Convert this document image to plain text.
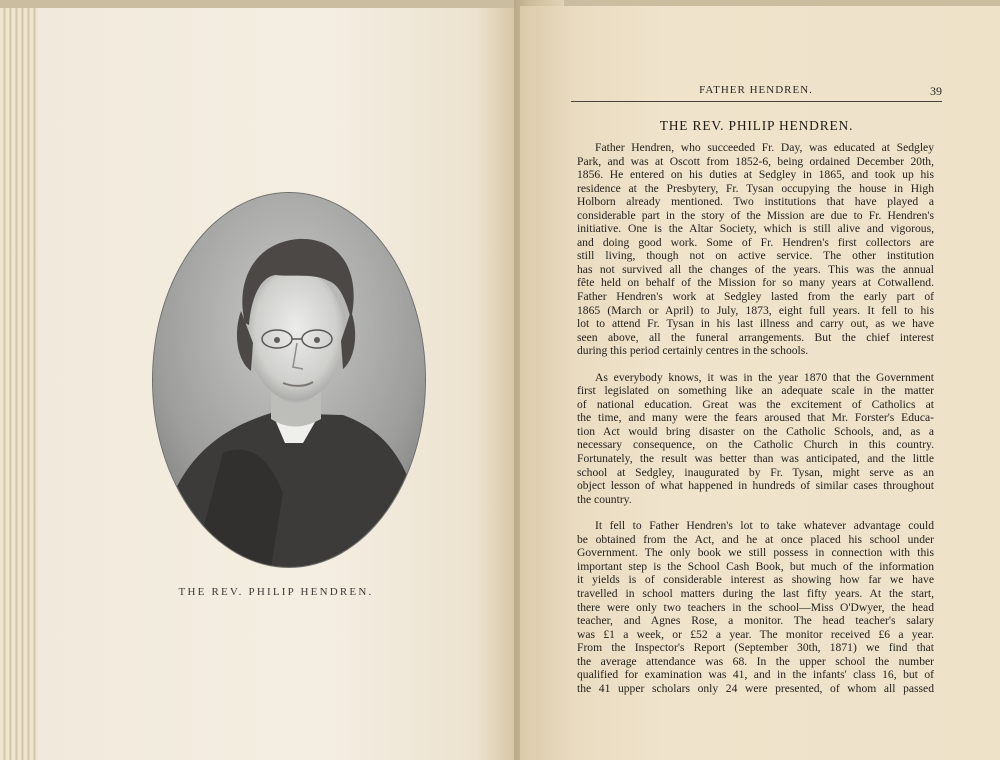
THE REV. PHILIP HENDREN.
FATHER HENDREN.	39
THE REV. PHILIP HENDREN.
Father Hendren, who succeeded Fr. Day, was educated at Sedgley
Park, and was at Oscott from 1852-6, being ordained December 20th,
1856. He entered on his duties at Sedgley in 1865, and took up his
residence at the Presbytery, Fr. Tysan occupying the house in High
Holborn already mentioned. Two institutions that have played a
considerable part in the story of the Mission are due to Fr. Hendren's
initiative. One is the Altar Society, which is still alive and vigorous,
and doing good work. Some of Fr. Hendren's first collectors are
still living, though not on active service. The other institution
has not survived all the changes of the years. This was the annual
fête held on behalf of the Mission for so many years at Cotwallend.
Father Hendren's work at Sedgley lasted from the early part of
1865 (March or April) to July, 1873, eight full years. It fell to his
lot to attend Fr. Tysan in his last illness and carry out, as we have
seen above, all the funeral arrangements. But the chief interest
during this period certainly centres in the schools.
As everybody knows, it was in the year 1870 that the Government
first legislated on something like an adequate scale in the matter
of national education. Great was the excitement of Catholics at
the time, and many were the fears aroused that Mr. Forster's Educa-
tion Act would bring disaster on the Catholic Schools, and, as a
necessary consequence, on the Catholic Church in this country.
Fortunately, the result was better than was anticipated, and the little
school at Sedgley, inaugurated by Fr. Tysan, might serve as an
object lesson of what happened in hundreds of similar cases throughout
the country.
It fell to Father Hendren's lot to take whatever advantage could
be obtained from the Act, and he at once placed his school under
Government. The only book we still possess in connection with this
important step is the School Cash Book, but much of the information
it yields is of considerable interest as showing how far we have
travelled in school matters during the last fifty years. At the start,
there were only two teachers in the school—Miss O'Dwyer, the head
teacher, and Agnes Rose, a monitor. The head teacher's salary
was £1 a week, or £52 a year. The monitor received £6 a year.
From the Inspector's Report (September 30th, 1871) we find that
the average attendance was 68. In the upper school the number
qualified for examination was 41, and in the infants' class 16, but of
the 41 upper scholars only 24 were presented, of whom all passed
